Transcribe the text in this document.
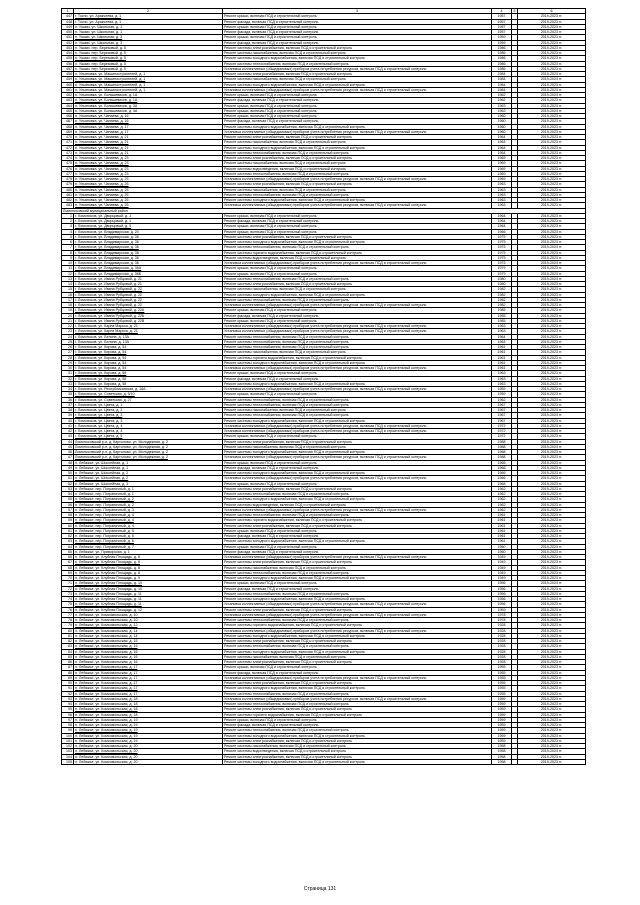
1	2	3	4	5	6
447	г. Тосно, ул. Аракчеева, д. 1	Ремонт крыши, включая ПСД и строительный контроль	1957		2019-2023 гг.
448	г. Тосно, ул. Аракчеева, д. 1	Ремонт фасада, включая ПСД и строительный контроль	1957		2019-2023 гг.
449	п. Ушаки, ул. Школьная, д. 1	Ремонт крыши, включая ПСД и строительный контроль	1957		2019-2023 гг.
450	п. Ушаки, ул. Школьная, д. 1	Ремонт фасада, включая ПСД и строительный контроль	1957		2019-2023 гг.
451	п. Ушаки, ул. Школьная, д. 3	Ремонт крыши, включая ПСД и строительный контроль	1959		2019-2023 гг.
452	п. Ушаки, ул. Школьная, д. 3	Ремонт фасада, включая ПСД и строительный контроль	1959		2019-2023 гг.
453	п. Ушаки, пер. Березовый, д. 5	Ремонт системы электроснабжения, включая ПСД и строительный контроль	1986		2019-2023 гг.
454	п. Ушаки, пер. Березовый, д. 5	Ремонт системы газоснабжения, включая ПСД и строительный контроль	1986		2019-2023 гг.
455	п. Ушаки, пер. Березовый, д. 5	Ремонт системы холодного водоснабжения, включая ПСД и строительный контроль	1986		2019-2023 гг.
456	п. Ушаки, пер. Березовый, д. 5	Ремонт системы теплоснабжения, включая ПСД и строительный контроль	1986		2019-2023 гг.
457	п. Ушаки, пер. Березовый, д. 5	Установка коллективных (общедомовых) приборов учета потребления ресурсов, включая ПСД и строительный контроль	1986		2019-2023 гг.
458	п. Ульяновка, ул. Машиностроителей, д. 1	Ремонт системы электроснабжения, включая ПСД и строительный контроль	1984		2019-2023 гг.
459	п. Ульяновка, ул. Машиностроителей, д. 1	Ремонт системы газоснабжения, включая ПСД и строительный контроль	1984		2019-2023 гг.
460	п. Ульяновка, ул. Машиностроителей, д. 1	Ремонт системы холодного водоснабжения, включая ПСД и строительный контроль	1984		2019-2023 гг.
461	п. Ульяновка, ул. Машиностроителей, д. 1	Установка коллективных (общедомовых) приборов учета потребления ресурсов, включая ПСД и строительный контроль	1984		2019-2023 гг.
462	п. Ульяновка, ул. Большевиков, д. 1А	Ремонт крыши, включая ПСД и строительный контроль	1962		2019-2023 гг.
463	п. Ульяновка, ул. Большевиков, д. 1А	Ремонт фасада, включая ПСД и строительный контроль	1962		2019-2023 гг.
464	п. Ульяновка, ул. Большевиков, д. 3А	Ремонт крыши, включая ПСД и строительный контроль	1963		2019-2023 гг.
465	п. Ульяновка, ул. Большевиков, д. 4А	Ремонт крыши, включая ПСД и строительный контроль	1963		2019-2023 гг.
466	п. Ульяновка, ул. Чапаева, д. 16	Ремонт крыши, включая ПСД и строительный контроль	1960		2019-2023 гг.
467	п. Ульяновка, ул. Чапаева, д. 16	Ремонт фасада, включая ПСД и строительный контроль	1960		2019-2023 гг.
468	п. Ульяновка, ул. Чапаева, д. 17	Ремонт системы холодного водоснабжения, включая ПСД и строительный контроль	1960		2019-2023 гг.
469	п. Ульяновка, ул. Чапаева, д. 17	Установка коллективных (общедомовых) приборов учета потребления ресурсов, включая ПСД и строительный контроль	1960		2019-2023 гг.
470	п. Ульяновка, ул. Чапаева, д. 21	Ремонт системы электроснабжения, включая ПСД и строительный контроль	1964		2019-2023 гг.
471	п. Ульяновка, ул. Чапаева, д. 21	Ремонт системы газоснабжения, включая ПСД и строительный контроль	1964		2019-2023 гг.
472	п. Ульяновка, ул. Чапаева, д. 21	Ремонт системы холодного водоснабжения, включая ПСД и строительный контроль	1964		2019-2023 гг.
473	п. Ульяновка, ул. Чапаева, д. 21	Ремонт системы теплоснабжения, включая ПСД и строительный контроль	1964		2019-2023 гг.
474	п. Ульяновка, ул. Чапаева, д. 23	Ремонт системы электроснабжения, включая ПСД и строительный контроль	1969		2019-2023 гг.
475	п. Ульяновка, ул. Чапаева, д. 23	Ремонт системы газоснабжения, включая ПСД и строительный контроль	1969		2019-2023 гг.
476	п. Ульяновка, ул. Чапаева, д. 23	Ремонт системы водоотведения, включая ПСД и строительный контроль	1969		2019-2023 гг.
477	п. Ульяновка, ул. Чапаева, д. 23	Ремонт системы теплоснабжения, включая ПСД и строительный контроль	1969		2019-2023 гг.
478	п. Ульяновка, ул. Чапаева, д. 23	Установка коллективных (общедомовых) приборов учета потребления ресурсов, включая ПСД и строительный контроль	1969		2019-2023 гг.
479	п. Ульяновка, ул. Чапаева, д. 25	Ремонт системы электроснабжения, включая ПСД и строительный контроль	1963		2019-2023 гг.
480	п. Ульяновка, ул. Чапаева, д. 25	Ремонт системы газоснабжения, включая ПСД и строительный контроль	1963		2019-2023 гг.
481	п. Ульяновка, ул. Чапаева, д. 25	Ремонт системы теплоснабжения, включая ПСД и строительный контроль	1963		2019-2023 гг.
482	п. Ульяновка, ул. Чапаева, д. 25	Ремонт системы холодного водоснабжения, включая ПСД и строительный контроль	1963		2019-2023 гг.
483	п. Ульяновка, ул. Чапаева, д. 25	Установка коллективных (общедомовых) приборов учета потребления ресурсов, включая ПСД и строительный контроль	1963		2019-2023 гг.
Ломоносовский муниципальный район					
1	г. Ломоносов, ул. Дворцовый, д. 1	Ремонт крыши, включая ПСД и строительный контроль	1964		2019-2023 гг.
2	г. Ломоносов, ул. Дворцовый, д. 1	Ремонт фасада, включая ПСД и строительный контроль	1964		2019-2023 гг.
3	г. Ломоносов, ул. Дворцовый, д. 3	Ремонт крыши, включая ПСД и строительный контроль	1964		2019-2023 гг.
4	г. Ломоносов, ул. Владимирская, д. 20	Ремонт крыши, включая ПСД и строительный контроль	1966		2019-2023 гг.
5	г. Ломоносов, ул. Владимирская, д. 36	Ремонт системы электроснабжения, включая ПСД и строительный контроль	1975		2019-2023 гг.
6	г. Ломоносов, ул. Владимирская, д. 36	Ремонт системы холодного водоснабжения, включая ПСД и строительный контроль	1975		2019-2023 гг.
7	г. Ломоносов, ул. Владимирская, д. 36	Ремонт системы теплоснабжения, включая ПСД и строительный контроль	1975		2019-2023 гг.
8	г. Ломоносов, ул. Владимирская, д. 36	Ремонт системы горячего водоснабжения, включая ПСД и строительный контроль	1975		2019-2023 гг.
9	г. Ломоносов, ул. Владимирская, д. 36	Ремонт системы водоотведения, включая ПСД и строительный контроль	1975		2019-2023 гг.
10	г. Ломоносов, ул. Владимирская, д. 36	Установка коллективных (общедомовых) приборов учета потребления ресурсов, включая ПСД и строительный контроль	1975		2019-2023 гг.
11	г. Ломоносов, ул. Владимирская, д. 36А	Ремонт крыши, включая ПСД и строительный контроль	1979		2019-2023 гг.
12	г. Ломоносов, ул. Владимирская, д. 36Б	Ремонт крыши, включая ПСД и строительный контроль	1979		2019-2023 гг.
13	г. Ломоносов, ул. Ивана Рубцовой, д. 21	Ремонт системы теплоснабжения, включая ПСД и строительный контроль	1980		2019-2023 гг.
14	г. Ломоносов, ул. Ивана Рубцовой, д. 21	Ремонт системы электроснабжения, включая ПСД и строительный контроль	1980		2019-2023 гг.
15	г. Ломоносов, ул. Ивана Рубцовой, д. 22	Ремонт системы газоснабжения, включая ПСД и строительный контроль	1982		2019-2023 гг.
16	г. Ломоносов, ул. Ивана Рубцовой, д. 22	Ремонт системы холодного водоснабжения, включая ПСД и строительный контроль	1982		2019-2023 гг.
17	г. Ломоносов, ул. Ивана Рубцовой, д. 22	Ремонт системы теплоснабжения, включая ПСД и строительный контроль	1982		2019-2023 гг.
18	г. Ломоносов, ул. Ивана Рубцовой, д. 22	Установка коллективных (общедомовых) приборов учета потребления ресурсов, включая ПСД и строительный контроль	1982		2019-2023 гг.
19	г. Ломоносов, ул. Ивана Рубцовой, д. 22А	Ремонт крыши, включая ПСД и строительный контроль	1985		2019-2023 гг.
20	г. Ломоносов, ул. Ивана Рубцовой, д. 22Б	Ремонт фасада, включая ПСД и строительный контроль	1985		2019-2023 гг.
21	г. Ломоносов, ул. Ивана Рубцовой, д. 22В	Ремонт крыши, включая ПСД и строительный контроль	1985		2019-2023 гг.
22	г. Ломоносов, ул. Карла Маркса, д. 21	Установка коллективных (общедомовых) приборов учета потребления ресурсов, включая ПСД и строительный контроль	1963		2019-2023 гг.
23	г. Ломоносов, ул. Карла Маркса, д. 21	Установка коллективных (общедомовых) приборов учета потребления ресурсов, включая ПСД и строительный контроль	1963		2019-2023 гг.
24	г. Ломоносов, ул. Белина, д. 13А	Ремонт системы теплоснабжения, включая ПСД и строительный контроль	1964		2019-2023 гг.
25	г. Ломоносов, ул. Белина, д. 13А	Ремонт системы теплоснабжения, включая ПСД и строительный контроль	1964		2019-2023 гг.
26	г. Ломоносов, ул. Кирова, д. 54	Ремонт системы теплоснабжения, включая ПСД и строительный контроль	1961		2019-2023 гг.
27	г. Ломоносов, ул. Кирова, д. 54	Ремонт системы газоснабжения, включая ПСД и строительный контроль	1961		2019-2023 гг.
28	г. Ломоносов, ул. Кирова, д. 54	Ремонт системы горячего водоснабжения, включая ПСД и строительный контроль	1961		2019-2023 гг.
29	г. Ломоносов, ул. Кирова, д. 54	Ремонт системы холодного водоснабжения, включая ПСД и строительный контроль	1961		2019-2023 гг.
30	г. Ломоносов, ул. Кирова, д. 54	Установка коллективных (общедомовых) приборов учета потребления ресурсов, включая ПСД и строительный контроль	1961		2019-2023 гг.
31	г. Ломоносов, ул. Кирова, д. 56	Ремонт крыши, включая ПСД и строительный контроль	1963		2019-2023 гг.
32	г. Ломоносов, ул. Кирова, д. 56	Ремонт фасада, включая ПСД и строительный контроль	1963		2019-2023 гг.
33	г. Ломоносов, ул. Кирова, д. 58	Ремонт системы холодного водоснабжения, включая ПСД и строительный контроль	1963		2019-2023 гг.
34	г. Ломоносов, ул. Республиканская, д. 18А	Установка коллективных (общедомовых) приборов учета потребления ресурсов, включая ПСД и строительный контроль	1959		2019-2023 гг.
35	г. Ломоносов, ул. Советская, д. 5/10	Ремонт крыши, включая ПСД и строительный контроль	1959		2019-2023 гг.
36	г. Ломоносов, ул. Советская, д. 27	Ремонт системы теплоснабжения, включая ПСД и строительный контроль	1962		2019-2023 гг.
37	г. Ломоносов, ул. Цвета, д. 1	Ремонт системы теплоснабжения, включая ПСД и строительный контроль	1967		2019-2023 гг.
38	г. Ломоносов, ул. Цвета, д. 2	Ремонт системы газоснабжения, включая ПСД и строительный контроль	1967		2019-2023 гг.
39	г. Ломоносов, ул. Цвета, д. 3	Ремонт системы теплоснабжения, включая ПСД и строительный контроль	1967		2019-2023 гг.
40	г. Ломоносов, ул. Цвета, д. 3	Ремонт системы холодного водоснабжения, включая ПСД и строительный контроль	1967		2019-2023 гг.
41	г. Ломоносов, ул. Цвета, д. 4	Установка коллективных (общедомовых) приборов учета потребления ресурсов, включая ПСД и строительный контроль	1972		2019-2023 гг.
42	г. Ломоносов, ул. Цвета, д. 4	Установка коллективных (общедомовых) приборов учета потребления ресурсов, включая ПСД и строительный контроль	1972		2019-2023 гг.
43	г. Ломоносов, ул. Цвета, д. 5	Ремонт крыши, включая ПСД и строительный контроль	1972		2019-2023 гг.
44	Ломоносовский р-н, д. Картолово, ул. Молодежная, д. 2	Ремонт системы электроснабжения, включая ПСД и строительный контроль	1988		2019-2023 гг.
45	Ломоносовский р-н, д. Картолово, ул. Молодежная, д. 2	Ремонт системы газоснабжения, включая ПСД и строительный контроль	1988		2019-2023 гг.
46	Ломоносовский р-н, д. Картолово, ул. Молодежная, д. 2	Ремонт системы холодного водоснабжения, включая ПСД и строительный контроль	1988		2019-2023 гг.
47	Ломоносовский р-н, д. Картолово, ул. Молодежная, д. 2	Установка коллективных (общедомовых) приборов учета потребления ресурсов, включая ПСД и строительный контроль	1988		2019-2023 гг.
48	п. Лебяжье, ул. Шоссейная, д. 1	Ремонт крыши, включая ПСД и строительный контроль	1966		2019-2023 гг.
49	п. Лебяжье, ул. Шоссейная, д. 1	Ремонт фасада, включая ПСД и строительный контроль	1966		2019-2023 гг.
50	п. Лебяжье, ул. Шоссейная, д. 2	Ремонт системы холодного водоснабжения, включая ПСД и строительный контроль	1966		2019-2023 гг.
51	п. Лебяжье, ул. Шоссейная, д. 2	Установка коллективных (общедомовых) приборов учета потребления ресурсов, включая ПСД и строительный контроль	1966		2019-2023 гг.
52	п. Лебяжье, ул. Шоссейная, д. 3	Ремонт крыши, включая ПСД и строительный контроль	1968		2019-2023 гг.
53	п. Лебяжье, пер. Пограничный, д. 1	Ремонт системы электроснабжения, включая ПСД и строительный контроль	1962		2019-2023 гг.
54	п. Лебяжье, пер. Пограничный, д. 1	Ремонт системы теплоснабжения, включая ПСД и строительный контроль	1962		2019-2023 гг.
55	п. Лебяжье, пер. Пограничный, д. 2	Ремонт системы холодного водоснабжения, включая ПСД и строительный контроль	1962		2019-2023 гг.
56	п. Лебяжье, пер. Пограничный, д. 2	Ремонт системы водоотведения, включая ПСД и строительный контроль	1962		2019-2023 гг.
57	п. Лебяжье, пер. Пограничный, д. 3	Установка коллективных (общедомовых) приборов учета потребления ресурсов, включая ПСД и строительный контроль	1962		2019-2023 гг.
58	п. Лебяжье, пер. Пограничный, д. 4	Ремонт системы теплоснабжения, включая ПСД и строительный контроль	1961		2019-2023 гг.
59	п. Лебяжье, пер. Пограничный, д. 4	Ремонт системы горячего водоснабжения, включая ПСД и строительный контроль	1961		2019-2023 гг.
60	п. Лебяжье, пер. Пограничный, д. 4	Ремонт системы электроснабжения, включая ПСД и строительный контроль	1961		2019-2023 гг.
61	п. Лебяжье, пер. Пограничный, д. 5	Ремонт крыши, включая ПСД и строительный контроль	1961		2019-2023 гг.
62	п. Лебяжье, пер. Пограничный, д. 6	Ремонт фасада, включая ПСД и строительный контроль	1961		2019-2023 гг.
63	п. Лебяжье, пер. Пограничный, д. 6	Ремонт системы холодного водоснабжения, включая ПСД и строительный контроль	1961		2019-2023 гг.
64	п. Лебяжье, пер. Пограничный, д. 7	Ремонт крыши, включая ПСД и строительный контроль	1960		2019-2023 гг.
65	п. Лебяжье, ул. Приморская, д. 1	Ремонт фасада, включая ПСД и строительный контроль	1960		2019-2023 гг.
66	п. Лебяжье, ул. Клубная Площадь, д. 8	Установка коллективных (общедомовых) приборов учета потребления ресурсов, включая ПСД и строительный контроль	1949		2019-2023 гг.
67	п. Лебяжье, ул. Клубная Площадь, д. 8	Ремонт системы электроснабжения, включая ПСД и строительный контроль	1949		2019-2023 гг.
68	п. Лебяжье, ул. Клубная Площадь, д. 8	Ремонт системы газоснабжения, включая ПСД и строительный контроль	1949		2019-2023 гг.
69	п. Лебяжье, ул. Клубная Площадь, д. 8	Ремонт системы теплоснабжения, включая ПСД и строительный контроль	1949		2019-2023 гг.
70	п. Лебяжье, ул. Клубная Площадь, д. 9	Ремонт системы холодного водоснабжения, включая ПСД и строительный контроль	1949		2019-2023 гг.
71	п. Лебяжье, ул. Клубная Площадь, д. 10	Ремонт крыши, включая ПСД и строительный контроль	1956		2019-2023 гг.
72	п. Лебяжье, ул. Клубная Площадь, д. 10	Ремонт фасада, включая ПСД и строительный контроль	1956		2019-2023 гг.
73	п. Лебяжье, ул. Клубная Площадь, д. 11	Ремонт системы теплоснабжения, включая ПСД и строительный контроль	1956		2019-2023 гг.
74	п. Лебяжье, ул. Клубная Площадь, д. 11	Ремонт системы холодного водоснабжения, включая ПСД и строительный контроль	1956		2019-2023 гг.
75	п. Лебяжье, ул. Клубная Площадь, д. 11	Установка коллективных (общедомовых) приборов учета потребления ресурсов, включая ПСД и строительный контроль	1956		2019-2023 гг.
76	п. Лебяжье, ул. Клубная Площадь, д. 12	Ремонт системы электроснабжения, включая ПСД и строительный контроль	1959		2019-2023 гг.
77	п. Лебяжье, ул. Комсомольская, д. 10	Установка коллективных (общедомовых) приборов учета потребления ресурсов, включая ПСД и строительный контроль	1978		2019-2023 гг.
78	п. Лебяжье, ул. Комсомольская, д. 10	Ремонт системы теплоснабжения, включая ПСД и строительный контроль	1978		2019-2023 гг.
79	п. Лебяжье, ул. Комсомольская, д. 12	Ремонт системы горячего водоснабжения, включая ПСД и строительный контроль	1928		2019-2023 гг.
80	п. Лебяжье, ул. Комсомольская, д. 14	Установка коллективных (общедомовых) приборов учета потребления ресурсов, включая ПСД и строительный контроль	1928		2019-2023 гг.
81	п. Лебяжье, ул. Комсомольская, д. 14	Ремонт системы холодного водоснабжения, включая ПСД и строительный контроль	1928		2019-2023 гг.
82	п. Лебяжье, ул. Комсомольская, д. 15	Ремонт системы электроснабжения, включая ПСД и строительный контроль	1928		2019-2023 гг.
83	п. Лебяжье, ул. Комсомольская, д. 15	Ремонт системы теплоснабжения, включая ПСД и строительный контроль	1928		2019-2023 гг.
84	п. Лебяжье, ул. Комсомольская, д. 16	Ремонт системы холодного водоснабжения, включая ПСД и строительный контроль	1928		2019-2023 гг.
85	п. Лебяжье, ул. Комсомольская, д. 16	Ремонт системы газоснабжения, включая ПСД и строительный контроль	1928		2019-2023 гг.
86	п. Лебяжье, ул. Комсомольская, д. 16	Ремонт системы электроснабжения, включая ПСД и строительный контроль	1928		2019-2023 гг.
87	п. Лебяжье, ул. Комсомольская, д. 17	Ремонт крыши, включая ПСД и строительный контроль	1955		2019-2023 гг.
88	п. Лебяжье, ул. Комсомольская, д. 17	Ремонт фасада, включая ПСД и строительный контроль	1955		2019-2023 гг.
89	п. Лебяжье, ул. Комсомольская, д. 17	Установка коллективных (общедомовых) приборов учета потребления ресурсов, включая ПСД и строительный контроль	1955		2019-2023 гг.
90	п. Лебяжье, ул. Комсомольская, д. 17	Ремонт системы электроснабжения, включая ПСД и строительный контроль	1955		2019-2023 гг.
91	п. Лебяжье, ул. Комсомольская, д. 17	Ремонт системы холодного водоснабжения, включая ПСД и строительный контроль	1955		2019-2023 гг.
92	п. Лебяжье, ул. Комсомольская, д. 17	Ремонт системы теплоснабжения, включая ПСД и строительный контроль	1955		2019-2023 гг.
93	п. Лебяжье, ул. Комсомольская, д. 18	Установка коллективных (общедомовых) приборов учета потребления ресурсов, включая ПСД и строительный контроль	1959		2019-2023 гг.
94	п. Лебяжье, ул. Комсомольская, д. 18	Ремонт системы теплоснабжения, включая ПСД и строительный контроль	1959		2019-2023 гг.
95	п. Лебяжье, ул. Комсомольская, д. 18	Ремонт системы электроснабжения, включая ПСД и строительный контроль	1959		2019-2023 гг.
96	п. Лебяжье, ул. Комсомольская, д. 18	Ремонт системы горячего водоснабжения, включая ПСД и строительный контроль	1959		2019-2023 гг.
97	п. Лебяжье, ул. Комсомольская, д. 19	Ремонт крыши, включая ПСД и строительный контроль	1959		2019-2023 гг.
98	п. Лебяжье, ул. Комсомольская, д. 19	Ремонт фасада, включая ПСД и строительный контроль	1959		2019-2023 гг.
99	п. Лебяжье, ул. Комсомольская, д. 19	Ремонт системы теплоснабжения, включая ПСД и строительный контроль	1959		2019-2023 гг.
100	п. Лебяжье, ул. Комсомольская, д. 19	Ремонт системы холодного водоснабжения, включая ПСД и строительный контроль	1959		2019-2023 гг.
101	п. Лебяжье, ул. Комсомольская, д. 19	Ремонт системы электроснабжения, включая ПСД и строительный контроль	1959		2019-2023 гг.
102	п. Лебяжье, ул. Комсомольская, д. 20	Ремонт системы газоснабжения, включая ПСД и строительный контроль	1958		2019-2023 гг.
103	п. Лебяжье, ул. Комсомольская, д. 20	Ремонт системы водоотведения, включая ПСД и строительный контроль	1958		2019-2023 гг.
104	п. Лебяжье, ул. Комсомольская, д. 20	Ремонт системы электроснабжения, включая ПСД и строительный контроль	1958		2019-2023 гг.
105	п. Лебяжье, ул. Комсомольская, д. 20	Ремонт системы холодного водоснабжения, включая ПСД и строительный контроль	1958		2019-2023 гг.
Страница 131
